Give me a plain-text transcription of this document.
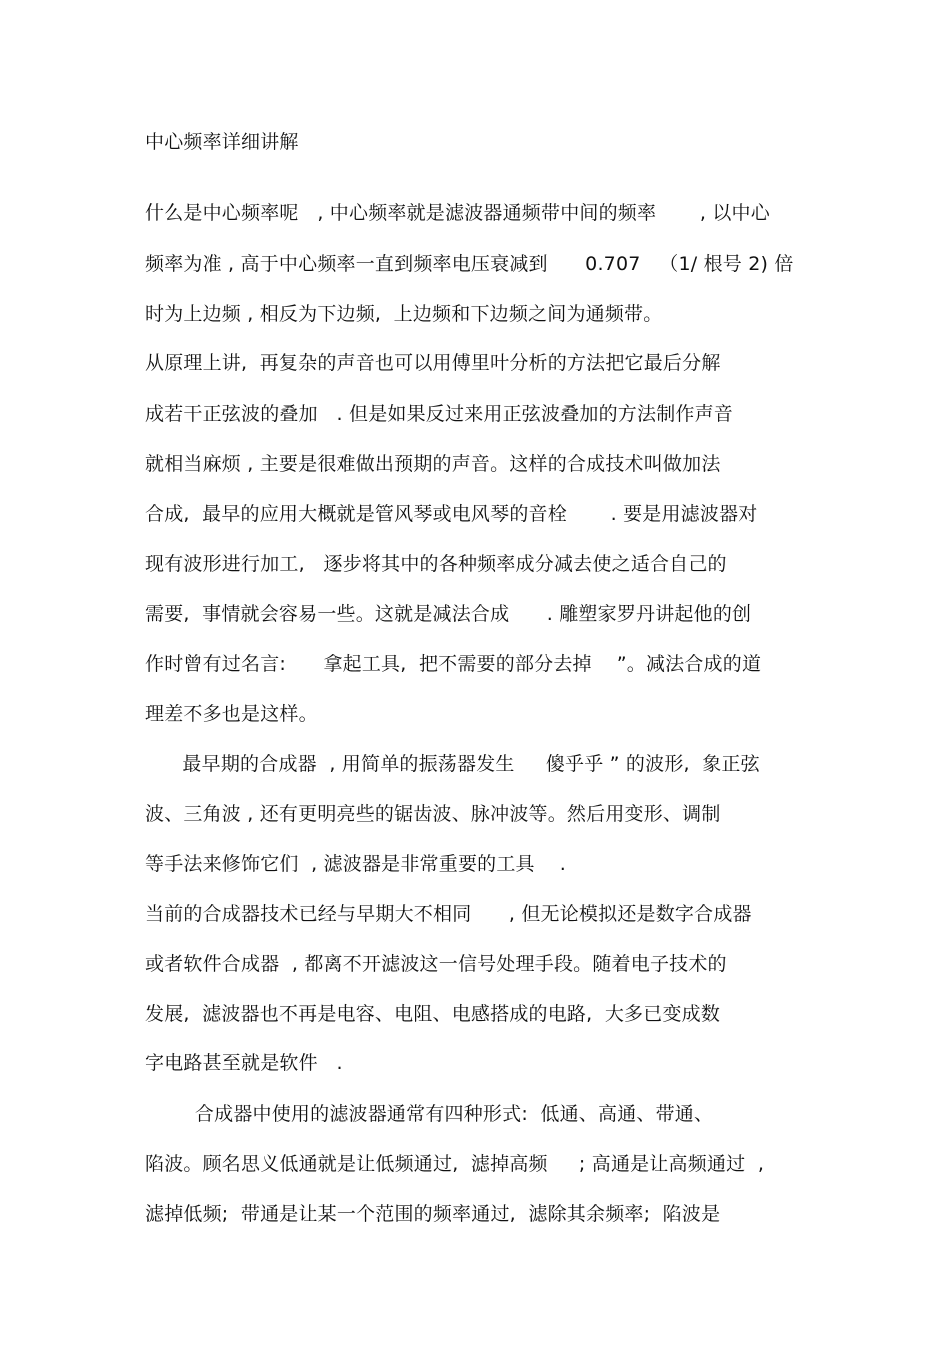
中心频率详细讲解
什么是中心频率呢   , 中心频率就是滤波器通频带中间的频率       , 以中心
频率为准 , 高于中心频率一直到频率电压衰减到      0.707   （1/ 根号 2) 倍
时为上边频 , 相反为下边频,  上边频和下边频之间为通频带。
从原理上讲,  再复杂的声音也可以用傅里叶分析的方法把它最后分解
成若干正弦波的叠加   . 但是如果反过来用正弦波叠加的方法制作声音
就相当麻烦 , 主要是很难做出预期的声音。这样的合成技术叫做加法
合成,  最早的应用大概就是管风琴或电风琴的音栓       . 要是用滤波器对
现有波形进行加工,   逐步将其中的各种频率成分减去使之适合自己的
需要,  事情就会容易一些。这就是减法合成      . 雕塑家罗丹讲起他的创
作时曾有过名言:      拿起工具,  把不需要的部分去掉    ”。减法合成的道
理差不多也是这样。
最早期的合成器  , 用简单的振荡器发生     傻乎乎 ” 的波形,  象正弦
波、三角波 , 还有更明亮些的锯齿波、脉冲波等。然后用变形、调制
等手法来修饰它们  , 滤波器是非常重要的工具    .
当前的合成器技术已经与早期大不相同      , 但无论模拟还是数字合成器
或者软件合成器  , 都离不开滤波这一信号处理手段。随着电子技术的
发展,  滤波器也不再是电容、电阻、电感搭成的电路,  大多已变成数
字电路甚至就是软件   .
合成器中使用的滤波器通常有四种形式:  低通、高通、带通、
陷波。顾名思义低通就是让低频通过,  滤掉高频     ; 高通是让高频通过  ,
滤掉低频;  带通是让某一个范围的频率通过,  滤除其余频率;  陷波是
